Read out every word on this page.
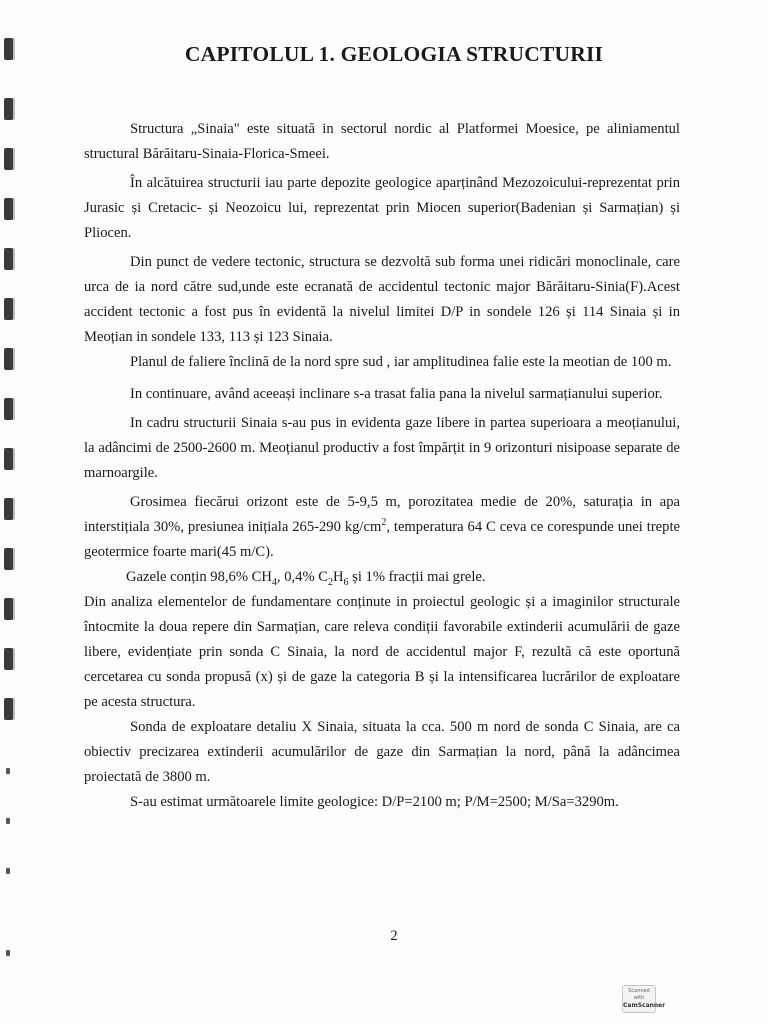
CAPITOLUL 1. GEOLOGIA STRUCTURII

Structura „Sinaia" este situată in sectorul nordic al Platformei Moesice, pe aliniamentul structural Bărăitaru-Sinaia-Florica-Smeei.

În alcătuirea structurii iau parte depozite geologice aparținând Mezozoicului-reprezentat prin Jurasic și Cretacic- și Neozoicu lui, reprezentat prin Miocen superior(Badenian și Sarmațian) și Pliocen.

Din punct de vedere tectonic, structura se dezvoltă sub forma unei ridicări monoclinale, care urca de ia nord către sud,unde este ecranată de accidentul tectonic major Bărăitaru-Sinia(F).Acest accident tectonic a fost pus în evidentă la nivelul limitei D/P in sondele 126 și 114 Sinaia și in Meoțian in sondele 133, 113 și 123 Sinaia.

Planul de faliere înclină de la nord spre sud , iar amplitudinea falie este la meotian de 100 m.

In continuare, având aceeași inclinare s-a trasat falia pana la nivelul sarmațianului superior.

In cadru structurii Sinaia s-au pus in evidenta gaze libere in partea superioara a meoțianului, la adâncimi de 2500-2600 m. Meoțianul productiv a fost împărțit in 9 orizonturi nisipoase separate de marnoargile.

Grosimea fiecărui orizont este de 5-9,5 m, porozitatea medie de 20%, saturația in apa interstițiala 30%, presiunea inițiala 265-290 $kg/cm^2$, temperatura 64 C ceva ce corespunde unei trepte geotermice foarte mari(45 m/C).

Gazele conțin 98,6% $CH_4$, 0,4% $C_2H_6$ și 1% fracții mai grele.

Din analiza elementelor de fundamentare conținute in proiectul geologic și a imaginilor structurale întocmite la doua repere din Sarmațian, care releva condiții favorabile extinderii acumulării de gaze libere, evidențiate prin sonda C Sinaia, la nord de accidentul major F, rezultă că este oportună cercetarea cu sonda propusă (x) și de gaze la categoria B și la intensificarea lucrărilor de exploatare pe acesta structura.

Sonda de exploatare detaliu X Sinaia, situata la cca. 500 m nord de sonda C Sinaia, are ca obiectiv precizarea extinderii acumulărilor de gaze din Sarmațian la nord, până la adâncimea proiectată de 3800 m.

S-au estimat următoarele limite geologice: D/P=2100 m; P/M=2500; M/Sa=3290m.

2
Scanned with
CamScanner
